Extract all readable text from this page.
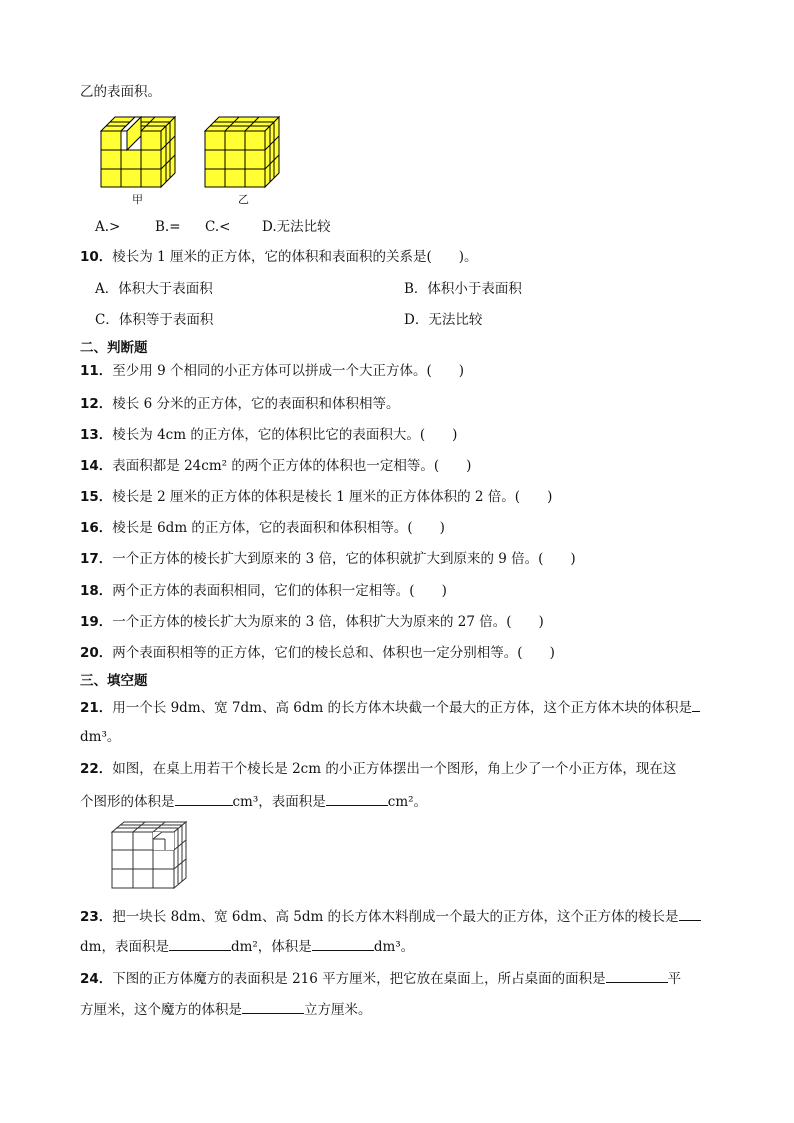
乙的表面积。
甲	乙
A.>	B.= C.< D.无法比较
10．棱长为 1 厘米的正方体，它的体积和表面积的关系是(　　)。
A．体积大于表面积	B．体积小于表面积
C．体积等于表面积	D．无法比较
二、判断题
11．至少用 9 个相同的小正方体可以拼成一个大正方体。(　　)
12．棱长 6 分米的正方体，它的表面积和体积相等。
13．棱长为 4cm 的正方体，它的体积比它的表面积大。(　　)
14．表面积都是 24cm² 的两个正方体的体积也一定相等。(　　)
15．棱长是 2 厘米的正方体的体积是棱长 1 厘米的正方体体积的 2 倍。(　　)
16．棱长是 6dm 的正方体，它的表面积和体积相等。(　　)
17．一个正方体的棱长扩大到原来的 3 倍，它的体积就扩大到原来的 9 倍。(　　)
18．两个正方体的表面积相同，它们的体积一定相等。(　　)
19．一个正方体的棱长扩大为原来的 3 倍，体积扩大为原来的 27 倍。(　　)
20．两个表面积相等的正方体，它们的棱长总和、体积也一定分别相等。(　　)
三、填空题
21．用一个长 9dm、宽 7dm、高 6dm 的长方体木块截一个最大的正方体，这个正方体木块的体积是
dm³。
22．如图，在桌上用若干个棱长是 2cm 的小正方体摆出一个图形，角上少了一个小正方体，现在这
个图形的体积是	cm³，表面积是	cm²。
23．把一块长 8dm、宽 6dm、高 5dm 的长方体木料削成一个最大的正方体，这个正方体的棱长是
dm，表面积是	dm²，体积是	dm³。
24．下图的正方体魔方的表面积是 216 平方厘米，把它放在桌面上，所占桌面的面积是	平
方厘米，这个魔方的体积是	立方厘米。
